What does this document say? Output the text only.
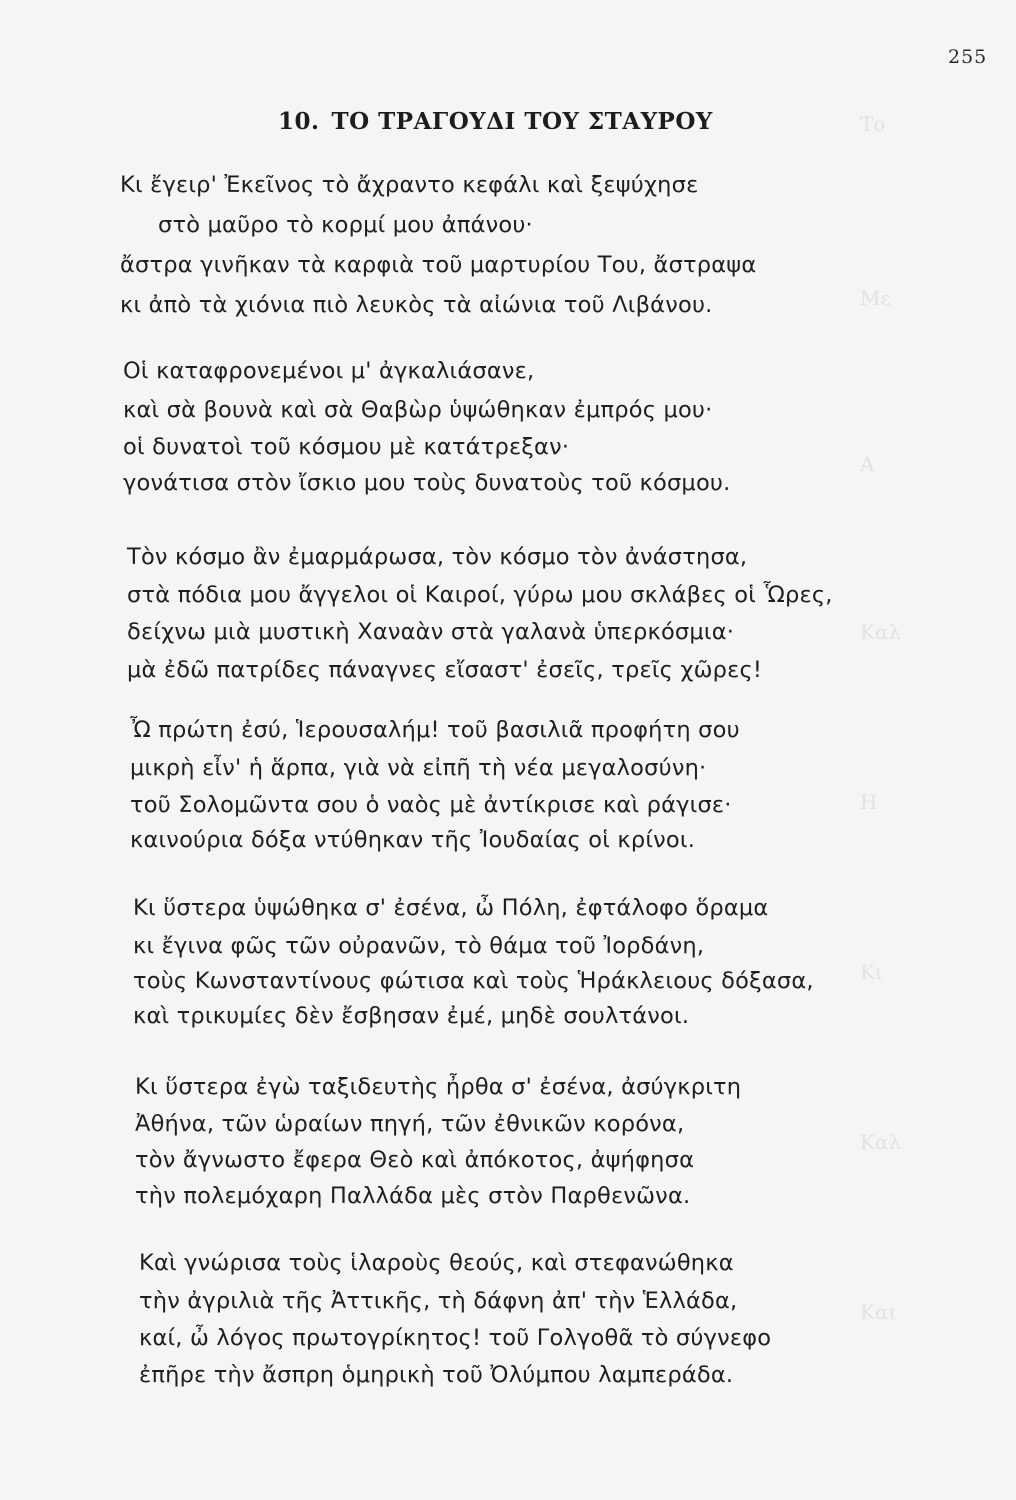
Το
Με
Α
Καλ
Η
Κι
Καλ
Και
255
10. ΤΟ ΤΡΑΓΟΥΔΙ ΤΟΥ ΣΤΑΥΡΟΥ
Κι ἔγειρ' Ἐκεῖνος τὸ ἄχραντο κεφάλι καὶ ξεψύχησε
στὸ μαῦρο τὸ κορμί μου ἀπάνου·
ἄστρα γινῆκαν τὰ καρφιὰ τοῦ μαρτυρίου Του, ἄστραψα
κι ἀπὸ τὰ χιόνια πιὸ λευκὸς τὰ αἰώνια τοῦ Λιβάνου.
Οἱ καταφρονεμένοι μ' ἀγκαλιάσανε,
καὶ σὰ βουνὰ καὶ σὰ Θαβὼρ ὑψώθηκαν ἐμπρός μου·
οἱ δυνατοὶ τοῦ κόσμου μὲ κατάτρεξαν·
γονάτισα στὸν ἴσκιο μου τοὺς δυνατοὺς τοῦ κόσμου.
Τὸν κόσμο ἂν ἐμαρμάρωσα, τὸν κόσμο τὸν ἀνάστησα,
στὰ πόδια μου ἄγγελοι οἱ Καιροί, γύρω μου σκλάβες οἱ Ὧρες,
δείχνω μιὰ μυστικὴ Χαναὰν στὰ γαλανὰ ὑπερκόσμια·
μὰ ἐδῶ πατρίδες πάναγνες εἴσαστ' ἐσεῖς, τρεῖς χῶρες!
Ὦ πρώτη ἐσύ, Ἱερουσαλήμ! τοῦ βασιλιᾶ προφήτη σου
μικρὴ εἶν' ἡ ἅρπα, γιὰ νὰ εἰπῆ τὴ νέα μεγαλοσύνη·
τοῦ Σολομῶντα σου ὁ ναὸς μὲ ἀντίκρισε καὶ ράγισε·
καινούρια δόξα ντύθηκαν τῆς Ἰουδαίας οἱ κρίνοι.
Κι ὕστερα ὑψώθηκα σ' ἐσένα, ὦ Πόλη, ἐφτάλοφο ὅραμα
κι ἔγινα φῶς τῶν οὐρανῶν, τὸ θάμα τοῦ Ἰορδάνη,
τοὺς Κωνσταντίνους φώτισα καὶ τοὺς Ἡράκλειους δόξασα,
καὶ τρικυμίες δὲν ἔσβησαν ἐμέ, μηδὲ σουλτάνοι.
Κι ὕστερα ἐγὼ ταξιδευτὴς ἦρθα σ' ἐσένα, ἀσύγκριτη
Ἀθήνα, τῶν ὡραίων πηγή, τῶν ἐθνικῶν κορόνα,
τὸν ἄγνωστο ἔφερα Θεὸ καὶ ἀπόκοτος, ἀψήφησα
τὴν πολεμόχαρη Παλλάδα μὲς στὸν Παρθενῶνα.
Καὶ γνώρισα τοὺς ἱλαροὺς θεούς, καὶ στεφανώθηκα
τὴν ἀγριλιὰ τῆς Ἀττικῆς, τὴ δάφνη ἀπ' τὴν Ἑλλάδα,
καί, ὦ λόγος πρωτογρίκητος! τοῦ Γολγοθᾶ τὸ σύγνεφο
ἐπῆρε τὴν ἄσπρη ὁμηρικὴ τοῦ Ὀλύμπου λαμπεράδα.
